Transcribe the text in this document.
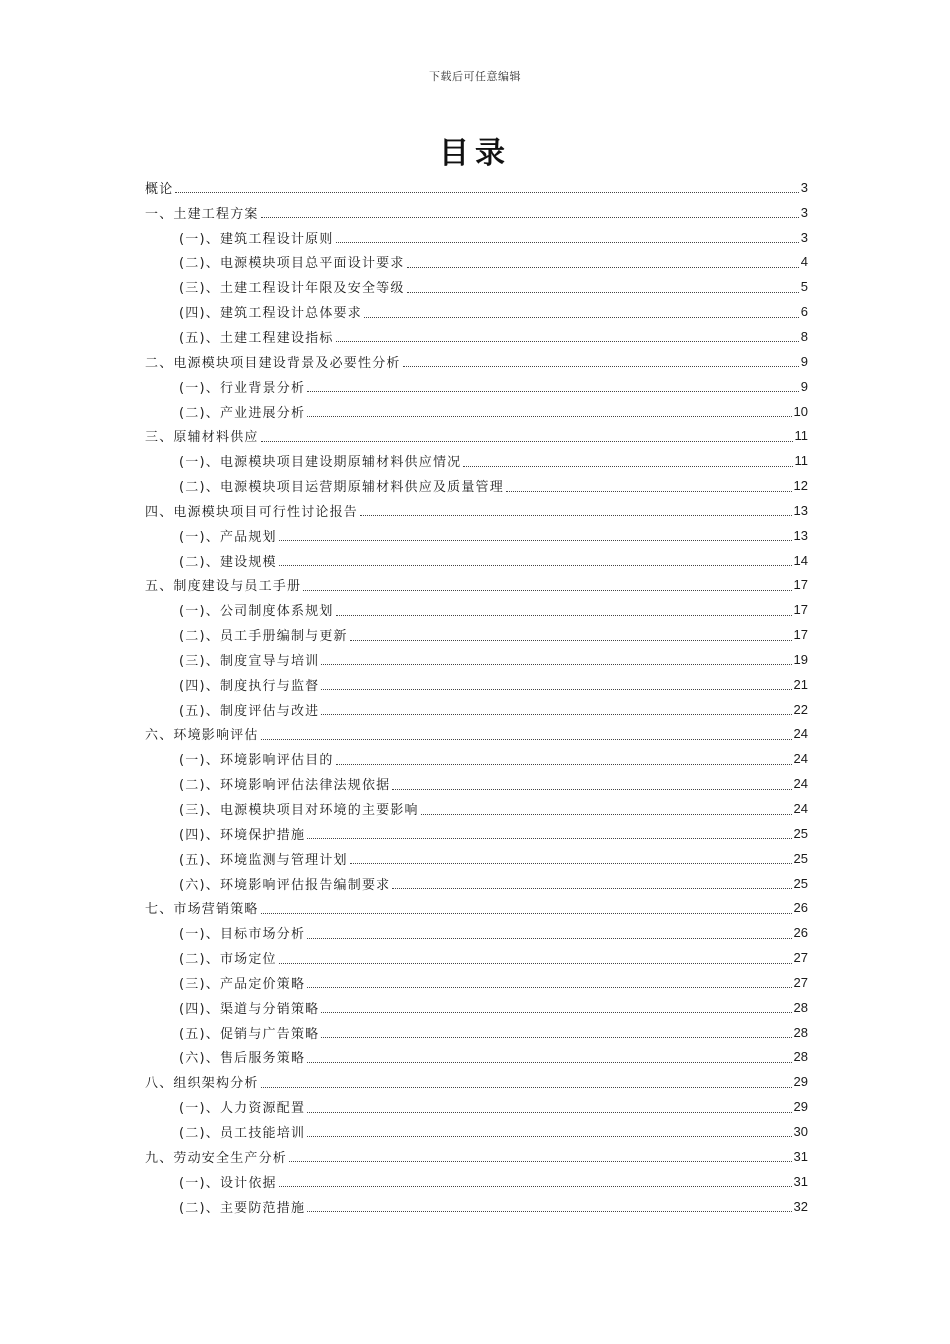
下载后可任意编辑
目录
概论	3
一、土建工程方案	3
(一)、建筑工程设计原则	3
(二)、电源模块项目总平面设计要求	4
(三)、土建工程设计年限及安全等级	5
(四)、建筑工程设计总体要求	6
(五)、土建工程建设指标	8
二、电源模块项目建设背景及必要性分析	9
(一)、行业背景分析	9
(二)、产业进展分析	10
三、原辅材料供应	11
(一)、电源模块项目建设期原辅材料供应情况	11
(二)、电源模块项目运营期原辅材料供应及质量管理	12
四、电源模块项目可行性讨论报告	13
(一)、产品规划	13
(二)、建设规模	14
五、制度建设与员工手册	17
(一)、公司制度体系规划	17
(二)、员工手册编制与更新	17
(三)、制度宣导与培训	19
(四)、制度执行与监督	21
(五)、制度评估与改进	22
六、环境影响评估	24
(一)、环境影响评估目的	24
(二)、环境影响评估法律法规依据	24
(三)、电源模块项目对环境的主要影响	24
(四)、环境保护措施	25
(五)、环境监测与管理计划	25
(六)、环境影响评估报告编制要求	25
七、市场营销策略	26
(一)、目标市场分析	26
(二)、市场定位	27
(三)、产品定价策略	27
(四)、渠道与分销策略	28
(五)、促销与广告策略	28
(六)、售后服务策略	28
八、组织架构分析	29
(一)、人力资源配置	29
(二)、员工技能培训	30
九、劳动安全生产分析	31
(一)、设计依据	31
(二)、主要防范措施	32
